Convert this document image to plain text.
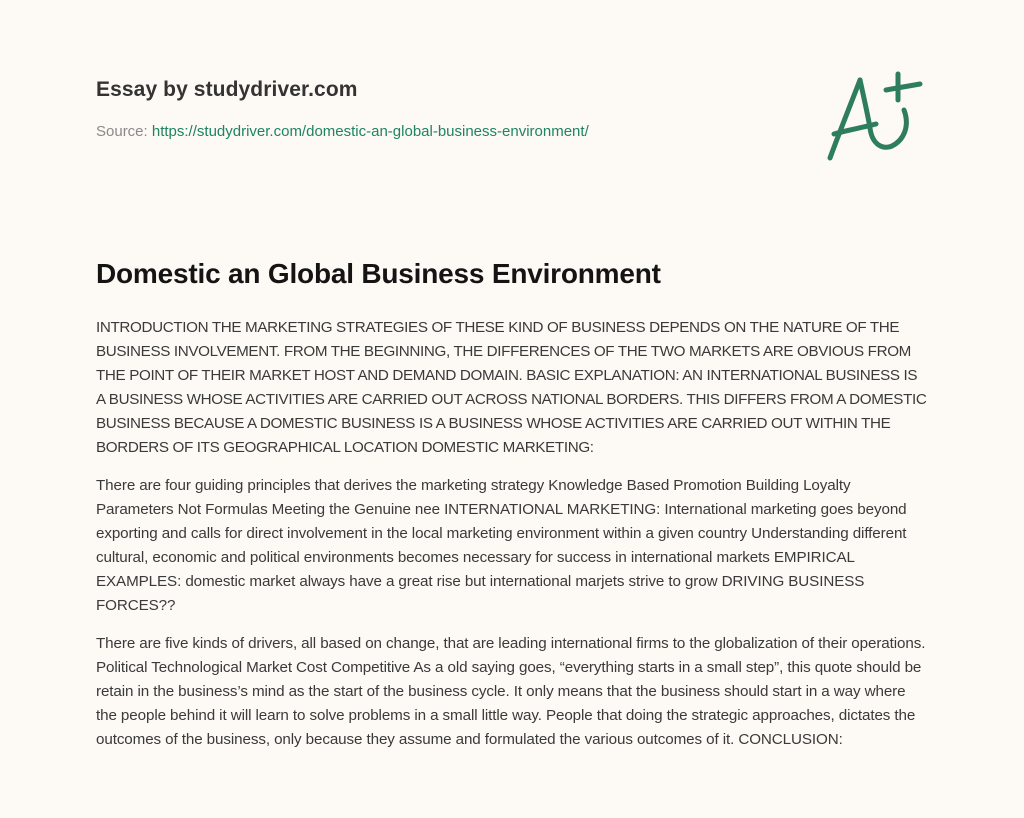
Essay by studydriver.com
Source: https://studydriver.com/domestic-an-global-business-environment/
Domestic an Global Business Environment

INTRODUCTION THE MARKETING STRATEGIES OF THESE KIND OF BUSINESS DEPENDS ON THE NATURE OF THE BUSINESS INVOLVEMENT. FROM THE BEGINNING, THE DIFFERENCES OF THE TWO MARKETS ARE OBVIOUS FROM THE POINT OF THEIR MARKET HOST AND DEMAND DOMAIN. BASIC EXPLANATION: AN INTERNATIONAL BUSINESS IS A BUSINESS WHOSE ACTIVITIES ARE CARRIED OUT ACROSS NATIONAL BORDERS. THIS DIFFERS FROM A DOMESTIC BUSINESS BECAUSE A DOMESTIC BUSINESS IS A BUSINESS WHOSE ACTIVITIES ARE CARRIED OUT WITHIN THE BORDERS OF ITS GEOGRAPHICAL LOCATION DOMESTIC MARKETING:

There are four guiding principles that derives the marketing strategy Knowledge Based Promotion Building Loyalty Parameters Not Formulas Meeting the Genuine nee INTERNATIONAL MARKETING: International marketing goes beyond exporting and calls for direct involvement in the local marketing environment within a given country Understanding different cultural, economic and political environments becomes necessary for success in international markets EMPIRICAL EXAMPLES: domestic market always have a great rise but international marjets strive to grow DRIVING BUSINESS FORCES??

There are five kinds of drivers, all based on change, that are leading international firms to the globalization of their operations. Political Technological Market Cost Competitive As a old saying goes, “everything starts in a small step”, this quote should be retain in the business’s mind as the start of the business cycle. It only means that the business should start in a way where the people behind it will learn to solve problems in a small little way. People that doing the strategic approaches, dictates the outcomes of the business, only because they assume and formulated the various outcomes of it. CONCLUSION:
